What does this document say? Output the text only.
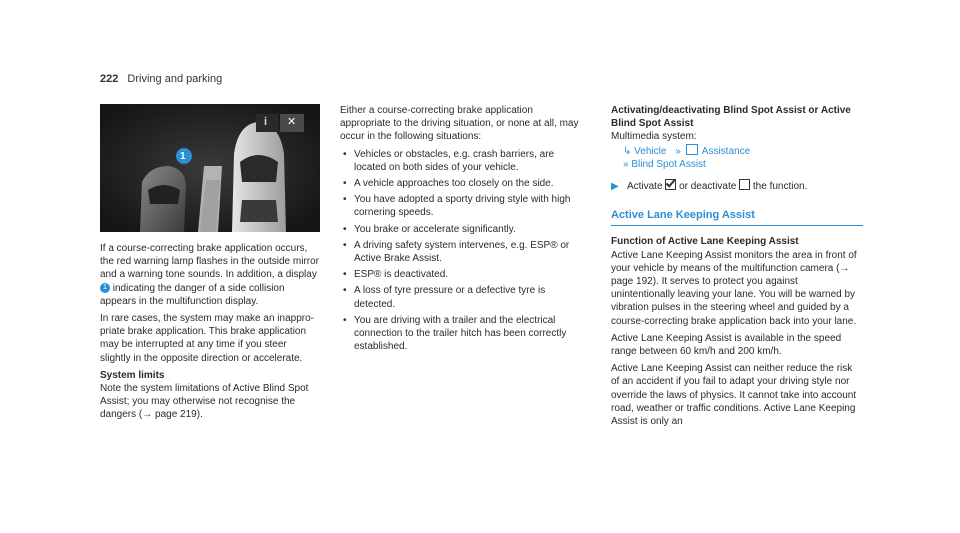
222 Driving and parking
1
i ✕

If a course-correcting brake application occurs, the red warning lamp flashes in the outside mirror and a warning tone sounds. In addition, a display 1 indicating the danger of a side collision appears in the multifunction display.

In rare cases, the system may make an inappropriate brake application. This brake application may be interrupted at any time if you steer slightly in the opposite direction or accelerate.

System limits

Note the system limitations of Active Blind Spot Assist; you may otherwise not recognise the dangers (→ page 219).

Either a course-correcting brake application appropriate to the driving situation, or none at all, may occur in the following situations:

• Vehicles or obstacles, e.g. crash barriers, are located on both sides of your vehicle.
• A vehicle approaches too closely on the side.
• You have adopted a sporty driving style with high cornering speeds.
• You brake or accelerate significantly.
• A driving safety system intervenes, e.g. ESP® or Active Brake Assist.
• ESP® is deactivated.
• A loss of tyre pressure or a defective tyre is detected.
• You are driving with a trailer and the electrical connection to the trailer hitch has been correctly established.

Activating/deactivating Blind Spot Assist or Active Blind Spot Assist

Multimedia system:

↳ Vehicle » Assistance

» Blind Spot Assist

▶ Activate or deactivate the function.

Active Lane Keeping Assist

Function of Active Lane Keeping Assist

Active Lane Keeping Assist monitors the area in front of your vehicle by means of the multifunction camera (→ page 192). It serves to protect you against unintentionally leaving your lane. You will be warned by vibration pulses in the steering wheel and guided by a course-correcting brake application back into your lane.

Active Lane Keeping Assist is available in the speed range between 60 km/h and 200 km/h.

Active Lane Keeping Assist can neither reduce the risk of an accident if you fail to adapt your driving style nor override the laws of physics. It cannot take into account road, weather or traffic conditions. Active Lane Keeping Assist is only an
